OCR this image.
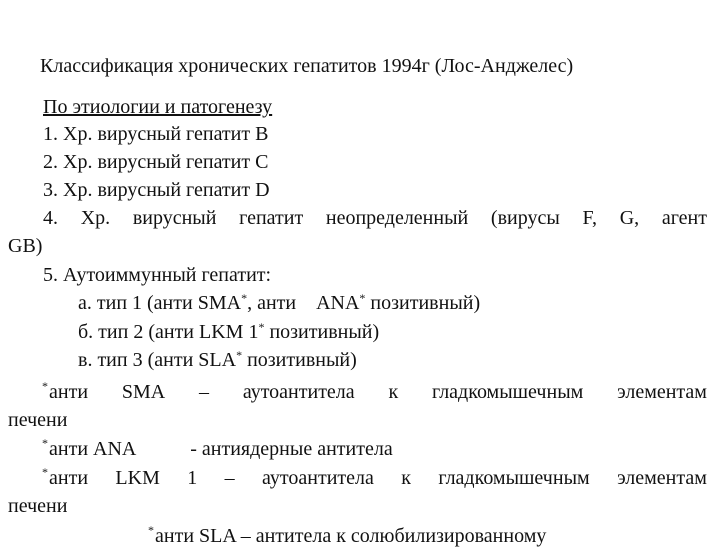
Классификация хронических гепатитов 1994г (Лос-Анджелес)
По этиологии и патогенезу
1. Хр. вирусный гепатит В
2. Хр. вирусный гепатит С
3. Хр. вирусный гепатит D
4. Хр. вирусный гепатит неопределенный (вирусы F, G, агент
GB)
5. Аутоиммунный гепатит:
а. тип 1 (анти SMA*, анти    ANA* позитивный)
б. тип 2 (анти LKM 1* позитивный)
в. тип 3 (анти SLA* позитивный)
*анти SMA – аутоантитела к гладкомышечным элементам
печени
*анти ANA           - антиядерные антитела
*анти LKM 1 – аутоантитела к гладкомышечным элементам
печени
*анти SLA – антитела к солюбилизированному
